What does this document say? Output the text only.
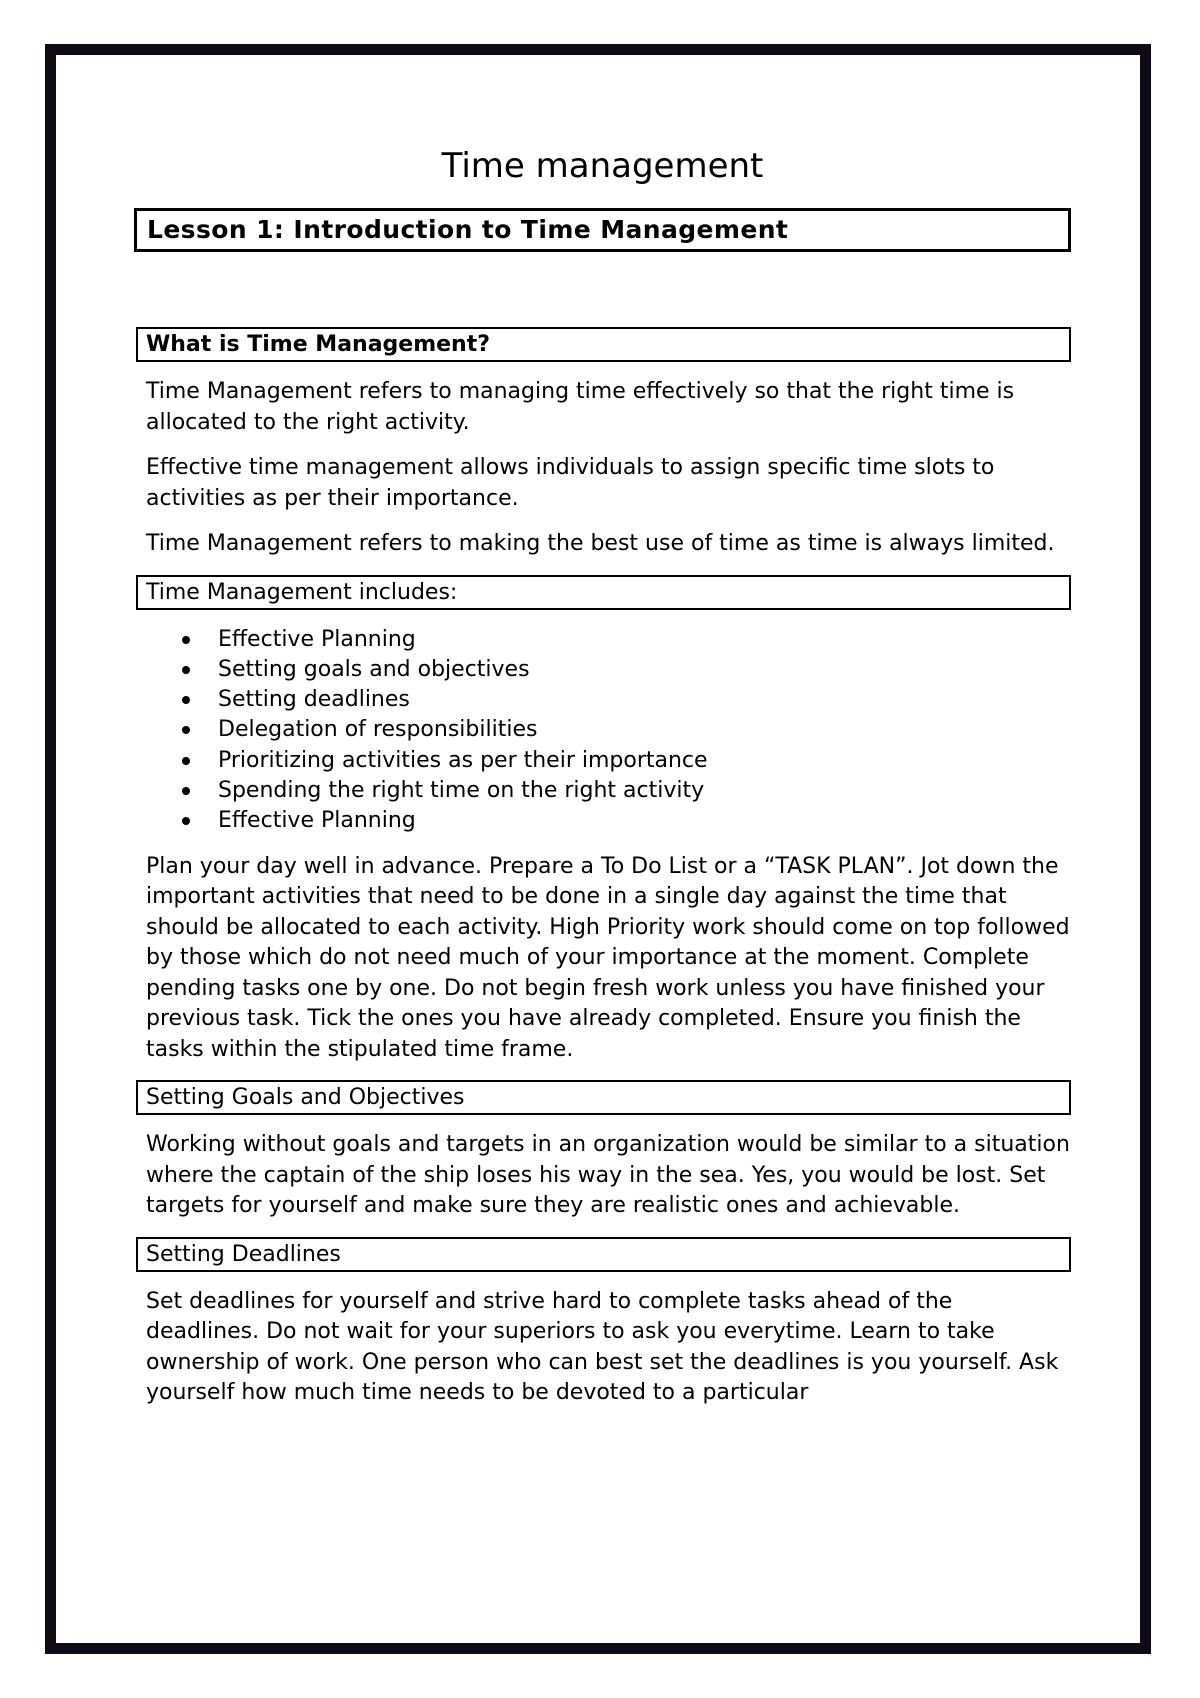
Time management
Lesson 1: Introduction to Time Management
What is Time Management?

Time Management refers to managing time effectively so that the right time is allocated to the right activity.

Effective time management allows individuals to assign specific time slots to activities as per their importance.

Time Management refers to making the best use of time as time is always limited.

Time Management includes:
Effective Planning
Setting goals and objectives
Setting deadlines
Delegation of responsibilities
Prioritizing activities as per their importance
Spending the right time on the right activity
Effective Planning

Plan your day well in advance. Prepare a To Do List or a “TASK PLAN”. Jot down the important activities that need to be done in a single day against the time that should be allocated to each activity. High Priority work should come on top followed by those which do not need much of your importance at the moment. Complete pending tasks one by one. Do not begin fresh work unless you have finished your previous task. Tick the ones you have already completed. Ensure you finish the tasks within the stipulated time frame.

Setting Goals and Objectives

Working without goals and targets in an organization would be similar to a situation where the captain of the ship loses his way in the sea. Yes, you would be lost. Set targets for yourself and make sure they are realistic ones and achievable.

Setting Deadlines

Set deadlines for yourself and strive hard to complete tasks ahead of the deadlines. Do not wait for your superiors to ask you everytime. Learn to take ownership of work. One person who can best set the deadlines is you yourself. Ask yourself how much time needs to be devoted to a particular
